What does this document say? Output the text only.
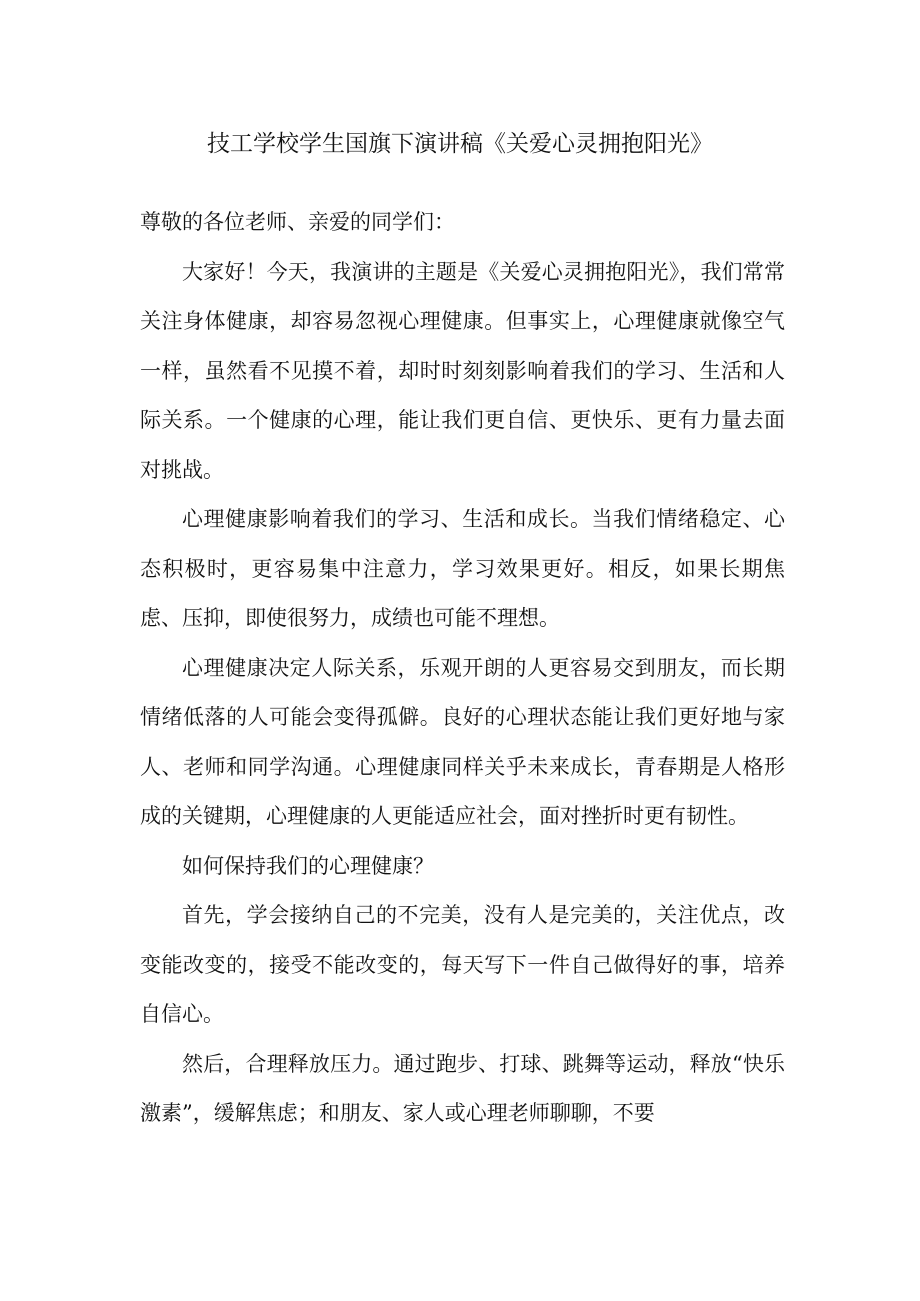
技工学校学生国旗下演讲稿《关爱心灵拥抱阳光》

尊敬的各位老师、亲爱的同学们：

大家好！今天，我演讲的主题是《关爱心灵拥抱阳光》，我们常常关注身体健康，却容易忽视心理健康。但事实上，心理健康就像空气一样，虽然看不见摸不着，却时时刻刻影响着我们的学习、生活和人际关系。一个健康的心理，能让我们更自信、更快乐、更有力量去面对挑战。

心理健康影响着我们的学习、生活和成长。当我们情绪稳定、心态积极时，更容易集中注意力，学习效果更好。相反，如果长期焦虑、压抑，即使很努力，成绩也可能不理想。

心理健康决定人际关系，乐观开朗的人更容易交到朋友，而长期情绪低落的人可能会变得孤僻。良好的心理状态能让我们更好地与家人、老师和同学沟通。心理健康同样关乎未来成长，青春期是人格形成的关键期，心理健康的人更能适应社会，面对挫折时更有韧性。

如何保持我们的心理健康？

首先，学会接纳自己的不完美，没有人是完美的，关注优点，改变能改变的，接受不能改变的，每天写下一件自己做得好的事，培养自信心。

然后，合理释放压力。通过跑步、打球、跳舞等运动，释放“快乐激素”，缓解焦虑；和朋友、家人或心理老师聊聊，不要
